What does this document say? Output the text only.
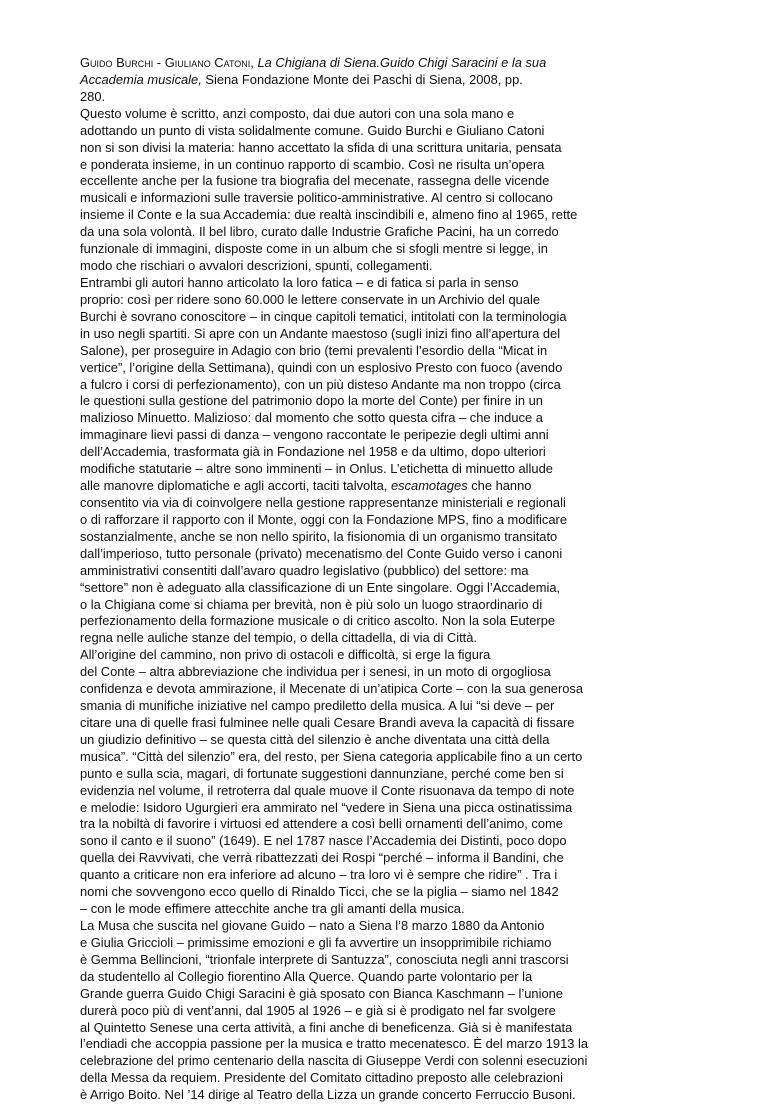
Guido Burchi - Giuliano Catoni, La Chigiana di Siena.Guido Chigi Saracini e la sua
Accademia musicale, Siena Fondazione Monte dei Paschi di Siena, 2008, pp.
280.
Questo volume è scritto, anzi composto, dai due autori con una sola mano e
adottando un punto di vista solidalmente comune. Guido Burchi e Giuliano Catoni
non si son divisi la materia: hanno accettato la sfida di una scrittura unitaria, pensata
e ponderata insieme, in un continuo rapporto di scambio. Così ne risulta un’opera
eccellente anche per la fusione tra biografia del mecenate, rassegna delle vicende
musicali e informazioni sulle traversie politico-amministrative. Al centro si collocano
insieme il Conte e la sua Accademia: due realtà inscindibili e, almeno fino al 1965, rette
da una sola volontà. Il bel libro, curato dalle Industrie Grafiche Pacini, ha un corredo
funzionale di immagini, disposte come in un album che si sfogli mentre si legge, in
modo che rischiari o avvalori descrizioni, spunti, collegamenti.
Entrambi gli autori hanno articolato la loro fatica – e di fatica si parla in senso
proprio: così per ridere sono 60.000 le lettere conservate in un Archivio del quale
Burchi è sovrano conoscitore – in cinque capitoli tematici, intitolati con la terminologia
in uso negli spartiti. Si apre con un Andante maestoso (sugli inizi fino all’apertura del
Salone), per proseguire in Adagio con brio (temi prevalenti l’esordio della “Micat in
vertice”, l’origine della Settimana), quindi con un esplosivo Presto con fuoco (avendo
a fulcro i corsi di perfezionamento), con un più disteso Andante ma non troppo (circa
le questioni sulla gestione del patrimonio dopo la morte del Conte) per finire in un
malizioso Minuetto. Malizioso: dal momento che sotto questa cifra – che induce a
immaginare lievi passi di danza – vengono raccontate le peripezie degli ultimi anni
dell’Accademia, trasformata già in Fondazione nel 1958 e da ultimo, dopo ulteriori
modifiche statutarie – altre sono imminenti – in Onlus. L’etichetta di minuetto allude
alle manovre diplomatiche e agli accorti, taciti talvolta, escamotages che hanno
consentito via via di coinvolgere nella gestione rappresentanze ministeriali e regionali
o di rafforzare il rapporto con il Monte, oggi con la Fondazione MPS, fino a modificare
sostanzialmente, anche se non nello spirito, la fisionomia di un organismo transitato
dall’imperioso, tutto personale (privato) mecenatismo del Conte Guido verso i canoni
amministrativi consentiti dall’avaro quadro legislativo (pubblico) del settore: ma
“settore” non è adeguato alla classificazione di un Ente singolare. Oggi l’Accademia,
o la Chigiana come si chiama per brevità, non è più solo un luogo straordinario di
perfezionamento della formazione musicale o di critico ascolto. Non la sola Euterpe
regna nelle auliche stanze del tempio, o della cittadella, di via di Città.
All’origine del cammino, non privo di ostacoli e difficoltà, si erge la figura
del Conte – altra abbreviazione che individua per i senesi, in un moto di orgogliosa
confidenza e devota ammirazione, il Mecenate di un’atipica Corte – con la sua generosa
smania di munifiche iniziative nel campo prediletto della musica. A lui “si deve – per
citare una di quelle frasi fulminee nelle quali Cesare Brandi aveva la capacità di fissare
un giudizio definitivo – se questa città del silenzio è anche diventata una città della
musica”. “Città del silenzio” era, del resto, per Siena categoria applicabile fino a un certo
punto e sulla scia, magari, di fortunate suggestioni dannunziane, perché come ben si
evidenzia nel volume, il retroterra dal quale muove il Conte risuonava da tempo di note
e melodie: Isidoro Ugurgieri era ammirato nel “vedere in Siena una picca ostinatissima
tra la nobiltà di favorire i virtuosi ed attendere a così belli ornamenti dell’animo, come
sono il canto e il suono” (1649). E nel 1787 nasce l’Accademia dei Distinti, poco dopo
quella dei Ravvivati, che verrà ribattezzati dei Rospi “perché – informa il Bandini, che
quanto a criticare non era inferiore ad alcuno – tra loro vi è sempre che ridire” . Tra i
nomi che sovvengono ecco quello di Rinaldo Ticci, che se la piglia – siamo nel 1842
– con le mode effimere attecchite anche tra gli amanti della musica.
La Musa che suscita nel giovane Guido – nato a Siena l’8 marzo 1880 da Antonio
e Giulia Griccioli – primissime emozioni e gli fa avvertire un insopprimibile richiamo
è Gemma Bellincioni, “trionfale interprete di Santuzza”, conosciuta negli anni trascorsi
da studentello al Collegio fiorentino Alla Querce. Quando parte volontario per la
Grande guerra Guido Chigi Saracini è già sposato con Bianca Kaschmann – l’unione
durerà poco più di vent’anni, dal 1905 al 1926 – e già si è prodigato nel far svolgere
al Quintetto Senese una certa attività, a fini anche di beneficenza. Già si è manifestata
l’endiadi che accoppia passione per la musica e tratto mecenatesco. È del marzo 1913 la
celebrazione del primo centenario della nascita di Giuseppe Verdi con solenni esecuzioni
della Messa da requiem. Presidente del Comitato cittadino preposto alle celebrazioni
è Arrigo Boito. Nel ’14 dirige al Teatro della Lizza un grande concerto Ferruccio Busoni.
